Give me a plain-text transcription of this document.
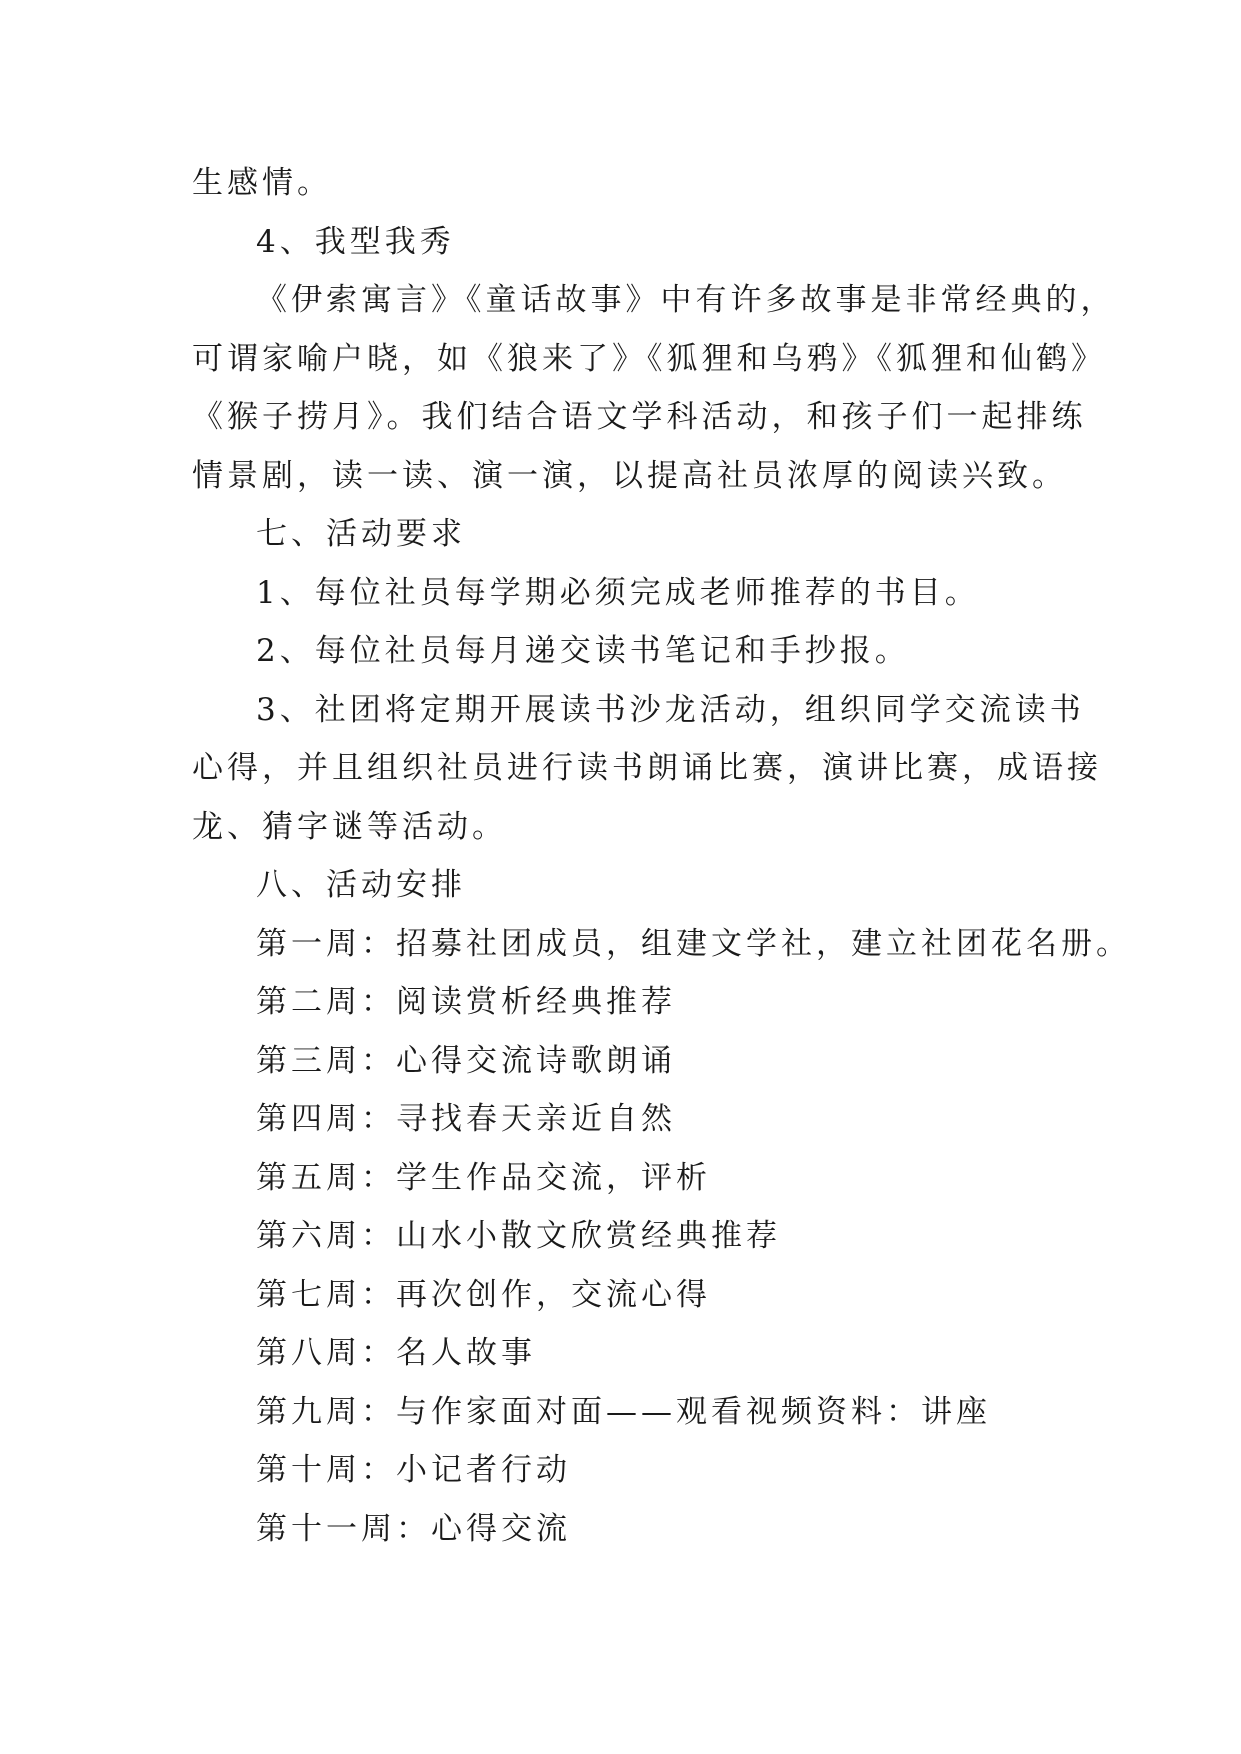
生感情。
4、我型我秀
《伊索寓言》《童话故事》中有许多故事是非常经典的，
可谓家喻户晓，如《狼来了》《狐狸和乌鸦》《狐狸和仙鹤》
《猴子捞月》。我们结合语文学科活动，和孩子们一起排练
情景剧，读一读、演一演，以提高社员浓厚的阅读兴致。
七、活动要求
1、每位社员每学期必须完成老师推荐的书目。
2、每位社员每月递交读书笔记和手抄报。
3、社团将定期开展读书沙龙活动，组织同学交流读书
心得，并且组织社员进行读书朗诵比赛，演讲比赛，成语接
龙、猜字谜等活动。
八、活动安排
第一周：招募社团成员，组建文学社，建立社团花名册。
第二周：阅读赏析经典推荐
第三周：心得交流诗歌朗诵
第四周：寻找春天亲近自然
第五周：学生作品交流，评析
第六周：山水小散文欣赏经典推荐
第七周：再次创作，交流心得
第八周：名人故事
第九周：与作家面对面——观看视频资料：讲座
第十周：小记者行动
第十一周：心得交流
